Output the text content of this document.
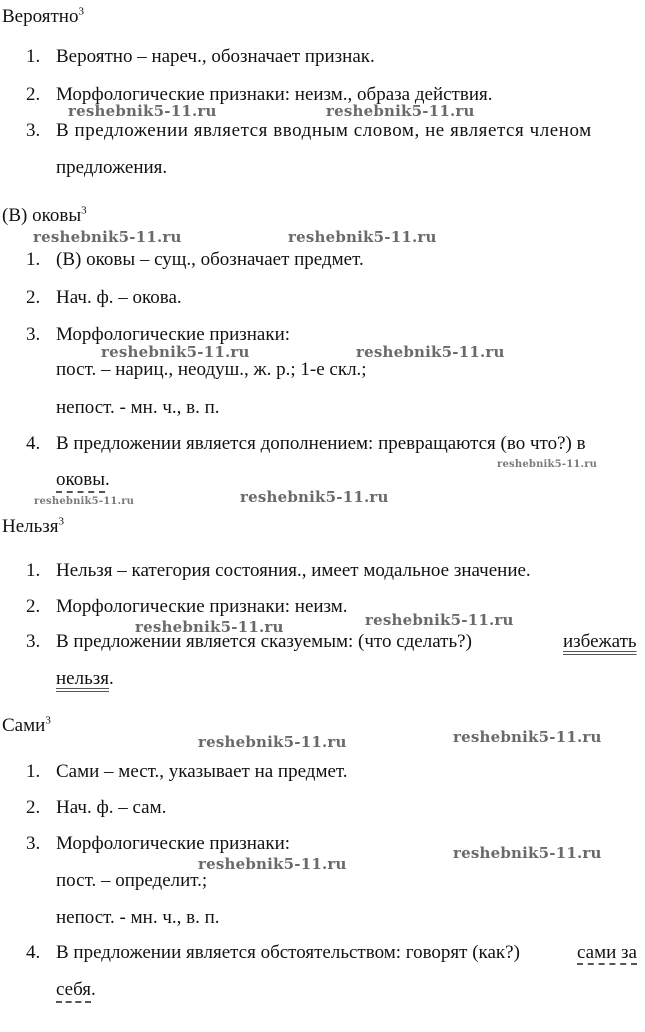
Вероятно$^3$
1. Вероятно – нареч., обозначает признак.
2. Морфологические признаки: неизм., образа действия.
3. В предложении является вводным словом, не является членом
предложения.
(В) оковы$^3$
1. (В) оковы – сущ., обозначает предмет.
2. Нач. ф. – окова.
3. Морфологические признаки:
пост. – нариц., неодуш., ж. р.; 1-е скл.;
непост. - мн. ч., в. п.
4. В предложении является дополнением: превращаются (во что?) в
оковы.
Нельзя$^3$
1. Нельзя – категория состояния., имеет модальное значение.
2. Морфологические признаки: неизм.
3. В предложении является сказуемым: (что сделать?)	избежать
нельзя.
Сами$^3$
1. Сами – мест., указывает на предмет.
2. Нач. ф. – сам.
3. Морфологические признаки:
пост. – определит.;
непост. - мн. ч., в. п.
4. В предложении является обстоятельством: говорят (как?)	сами за
себя.
reshebnik5-11.ru	reshebnik5-11.ru
reshebnik5-11.ru	reshebnik5-11.ru
reshebnik5-11.ru	reshebnik5-11.ru
reshebnik5-11.ru
reshebnik5-11.ru	reshebnik5-11.ru
reshebnik5-11.ru	reshebnik5-11.ru
reshebnik5-11.ru	reshebnik5-11.ru
reshebnik5-11.ru
reshebnik5-11.ru
